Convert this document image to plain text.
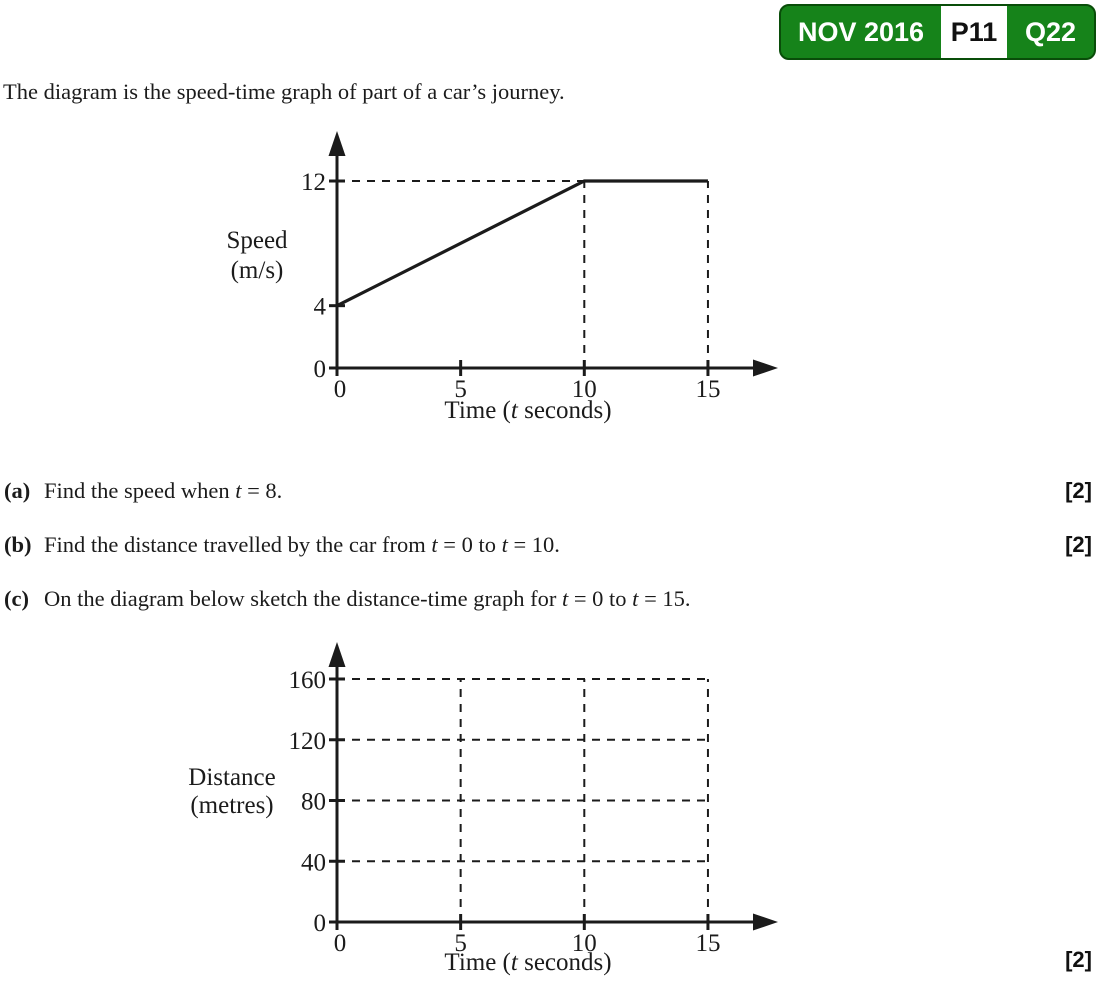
NOV 2016 P11	Q22

The diagram is the speed-time graph of part of a car’s journey.

0	5	10	15
0
4
12
Speed
(m/s)
Time (t seconds)
(a) Find the speed when t = 8.	[2]
(b) Find the distance travelled by the car from t = 0 to t = 10.	[2]
(c) On the diagram below sketch the distance-time graph for t = 0 to t = 15.
0	5	10	15
0
40
80
120
160
Distance
(metres)
Time (t seconds)	[2]
